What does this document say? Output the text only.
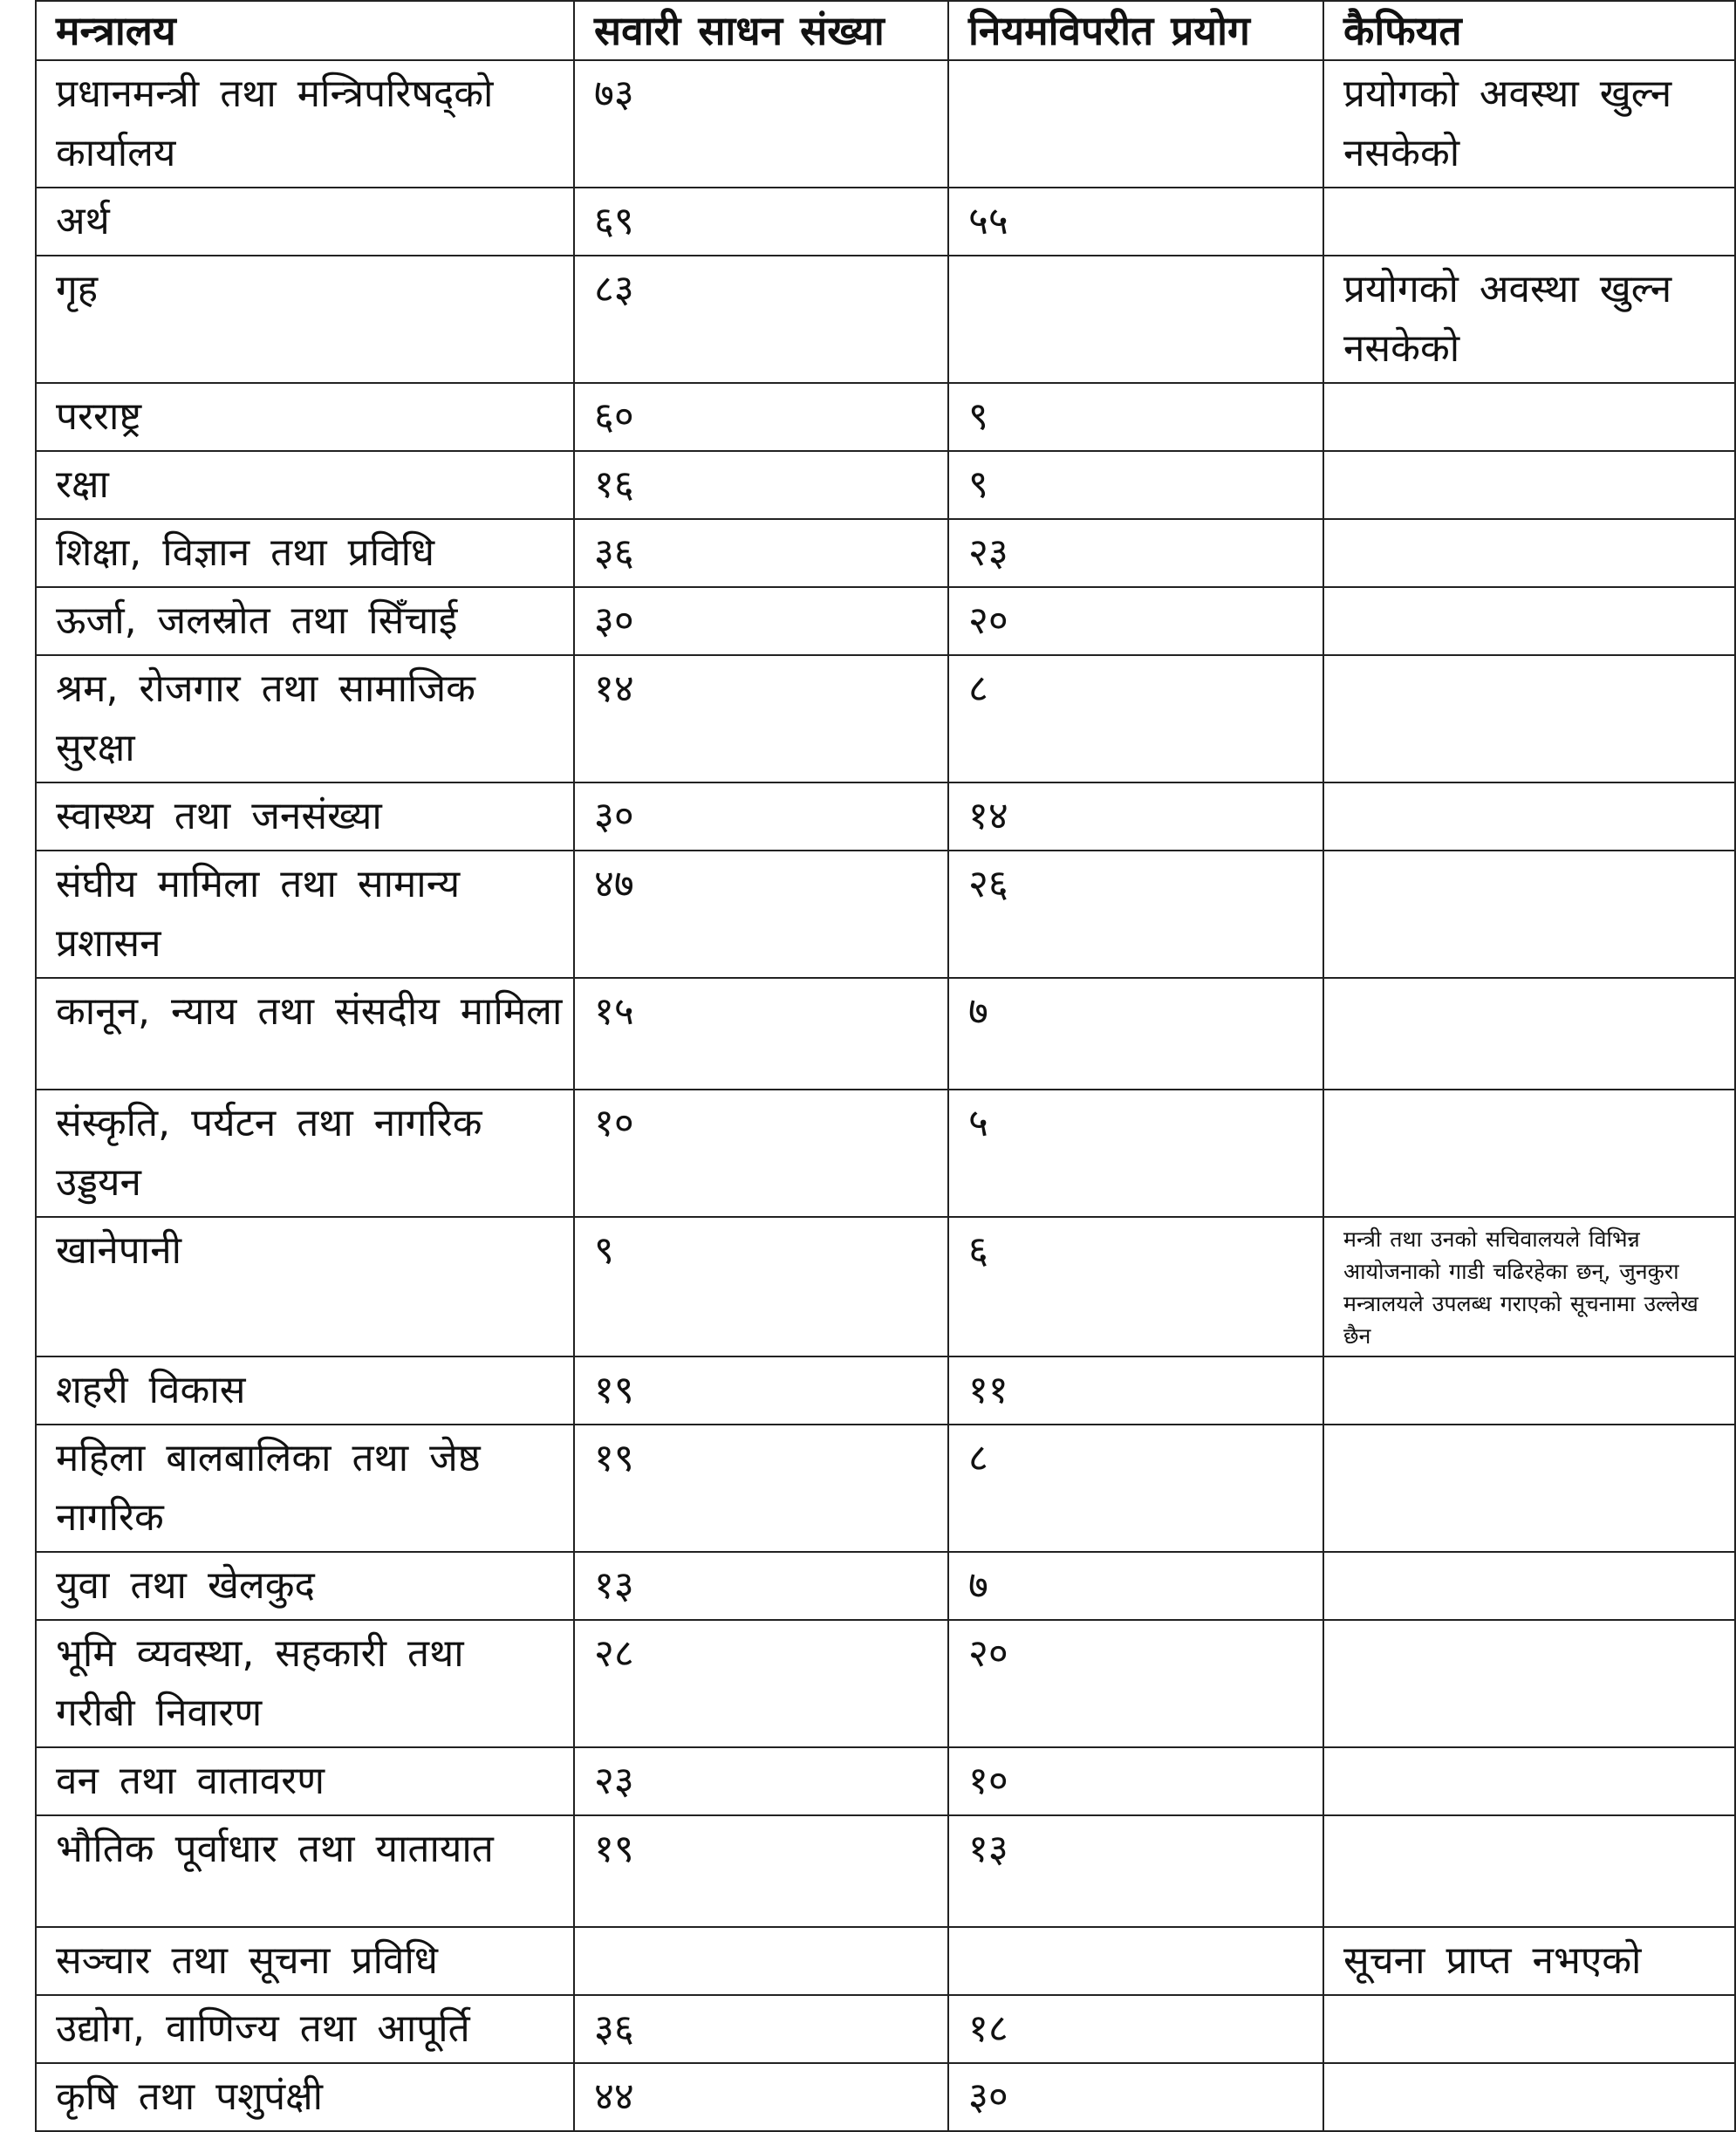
मन्त्रालय	सवारी साधन संख्या	नियमविपरीत प्रयोग	कैफियत
प्रधानमन्त्री तथा मन्त्रिपरिषद्को कार्यालय	७३		प्रयोगको अवस्था खुल्न नसकेको
अर्थ	६९	५५	
गृह	८३		प्रयोगको अवस्था खुल्न नसकेको
परराष्ट्र	६०	९	
रक्षा	१६	९	
शिक्षा, विज्ञान तथा प्रविधि	३६	२३	
ऊर्जा, जलस्रोत तथा सिँचाई	३०	२०	
श्रम, रोजगार तथा सामाजिक सुरक्षा	१४	८	
स्वास्थ्य तथा जनसंख्या	३०	१४	
संघीय मामिला तथा सामान्य प्रशासन	४७	२६	
कानून, न्याय तथा संसदीय मामिला	१५	७	
संस्कृति, पर्यटन तथा नागरिक उड्डयन	१०	५	
खानेपानी	९	६	मन्त्री तथा उनको सचिवालयले विभिन्न आयोजनाको गाडी चढिरहेका छन्, जुनकुरा मन्त्रालयले उपलब्ध गराएको सूचनामा उल्लेख छैन
शहरी विकास	१९	११	
महिला बालबालिका तथा जेष्ठ नागरिक	१९	८	
युवा तथा खेलकुद	१३	७	
भूमि व्यवस्था, सहकारी तथा गरीबी निवारण	२८	२०	
वन तथा वातावरण	२३	१०	
भौतिक पूर्वाधार तथा यातायात	१९	१३	
सञ्चार तथा सूचना प्रविधि			सूचना प्राप्त नभएको
उद्योग, वाणिज्य तथा आपूर्ति	३६	१८	
कृषि तथा पशुपंक्षी	४४	३०	
